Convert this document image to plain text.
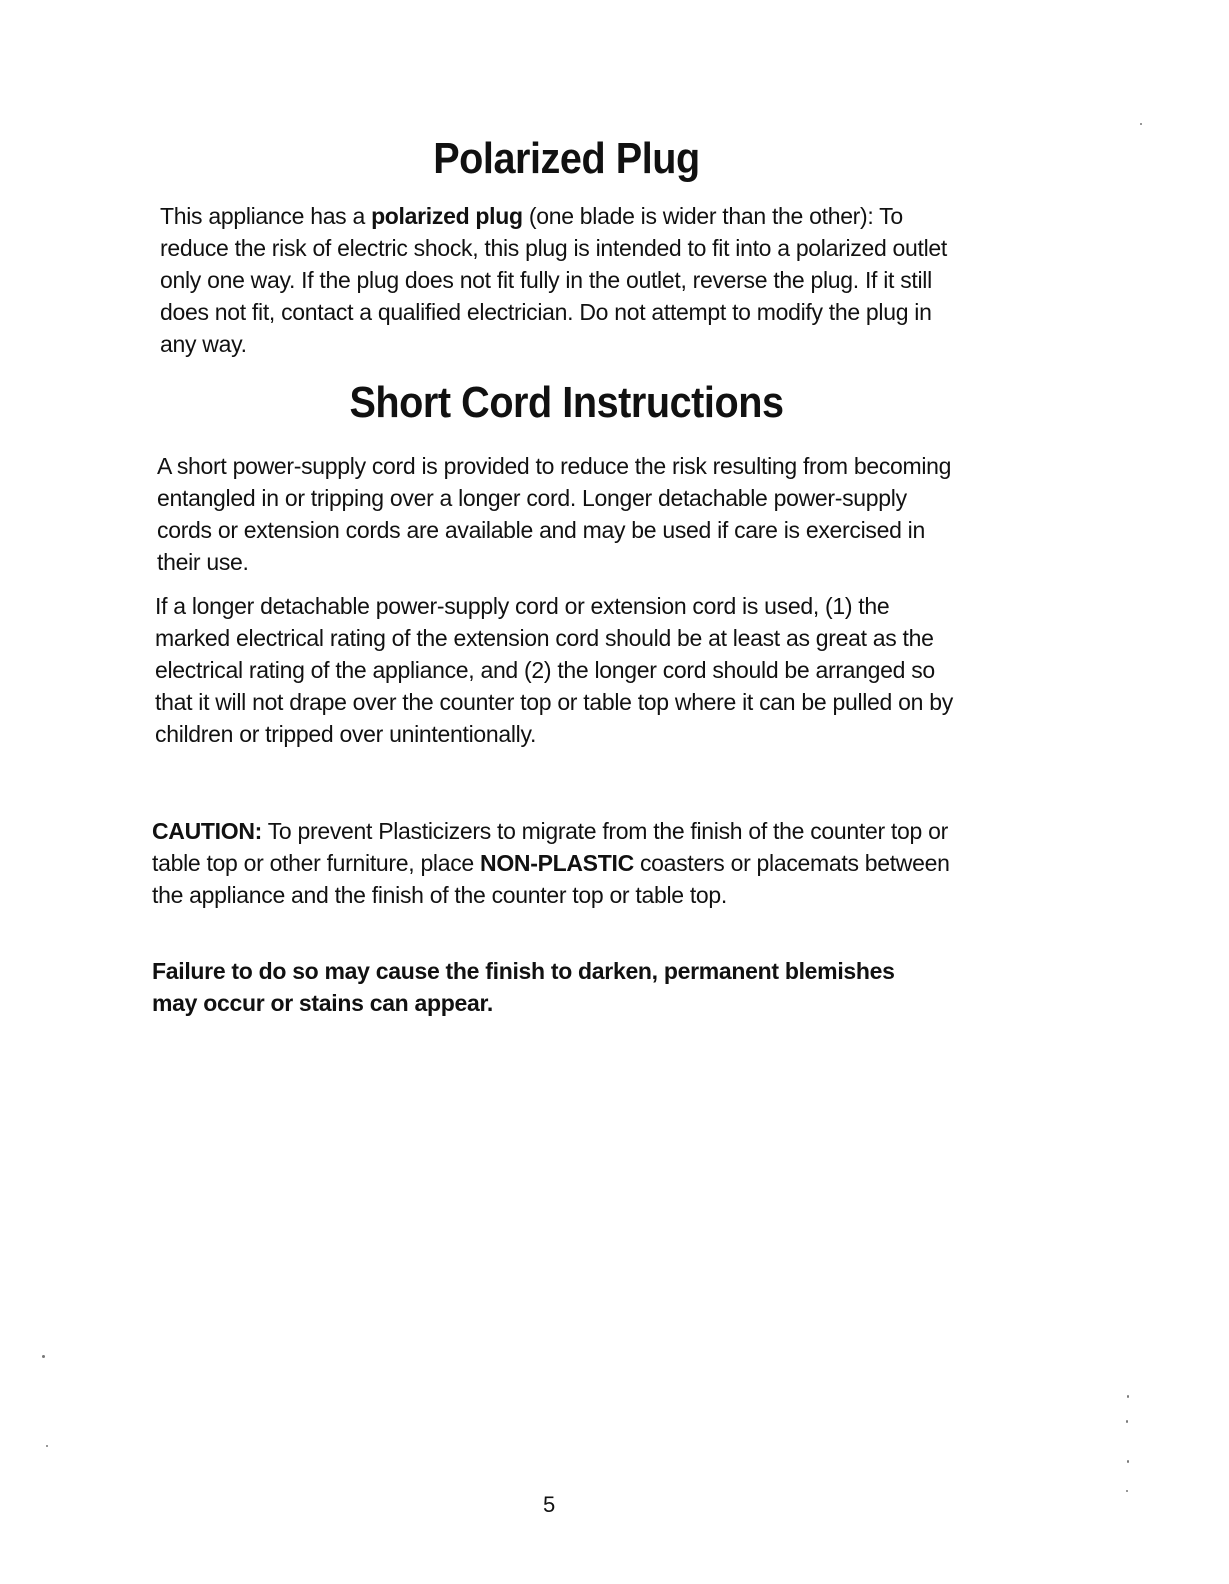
Polarized Plug

This appliance has a polarized plug (one blade is wider than the other): To reduce the risk of electric shock, this plug is intended to fit into a polarized outlet only one way. If the plug does not fit fully in the outlet, reverse the plug. If it still does not fit, contact a qualified electrician. Do not attempt to modify the plug in any way.

Short Cord Instructions

A short power-supply cord is provided to reduce the risk resulting from becoming entangled in or tripping over a longer cord. Longer detachable power-supply cords or extension cords are available and may be used if care is exercised in their use.

If a longer detachable power-supply cord or extension cord is used, (1) the marked electrical rating of the extension cord should be at least as great as the electrical rating of the appliance, and (2) the longer cord should be arranged so that it will not drape over the counter top or table top where it can be pulled on by children or tripped over unintentionally.

CAUTION: To prevent Plasticizers to migrate from the finish of the counter top or table top or other furniture, place NON-PLASTIC coasters or placemats between the appliance and the finish of the counter top or table top.

Failure to do so may cause the finish to darken, permanent blemishes may occur or stains can appear.

5
